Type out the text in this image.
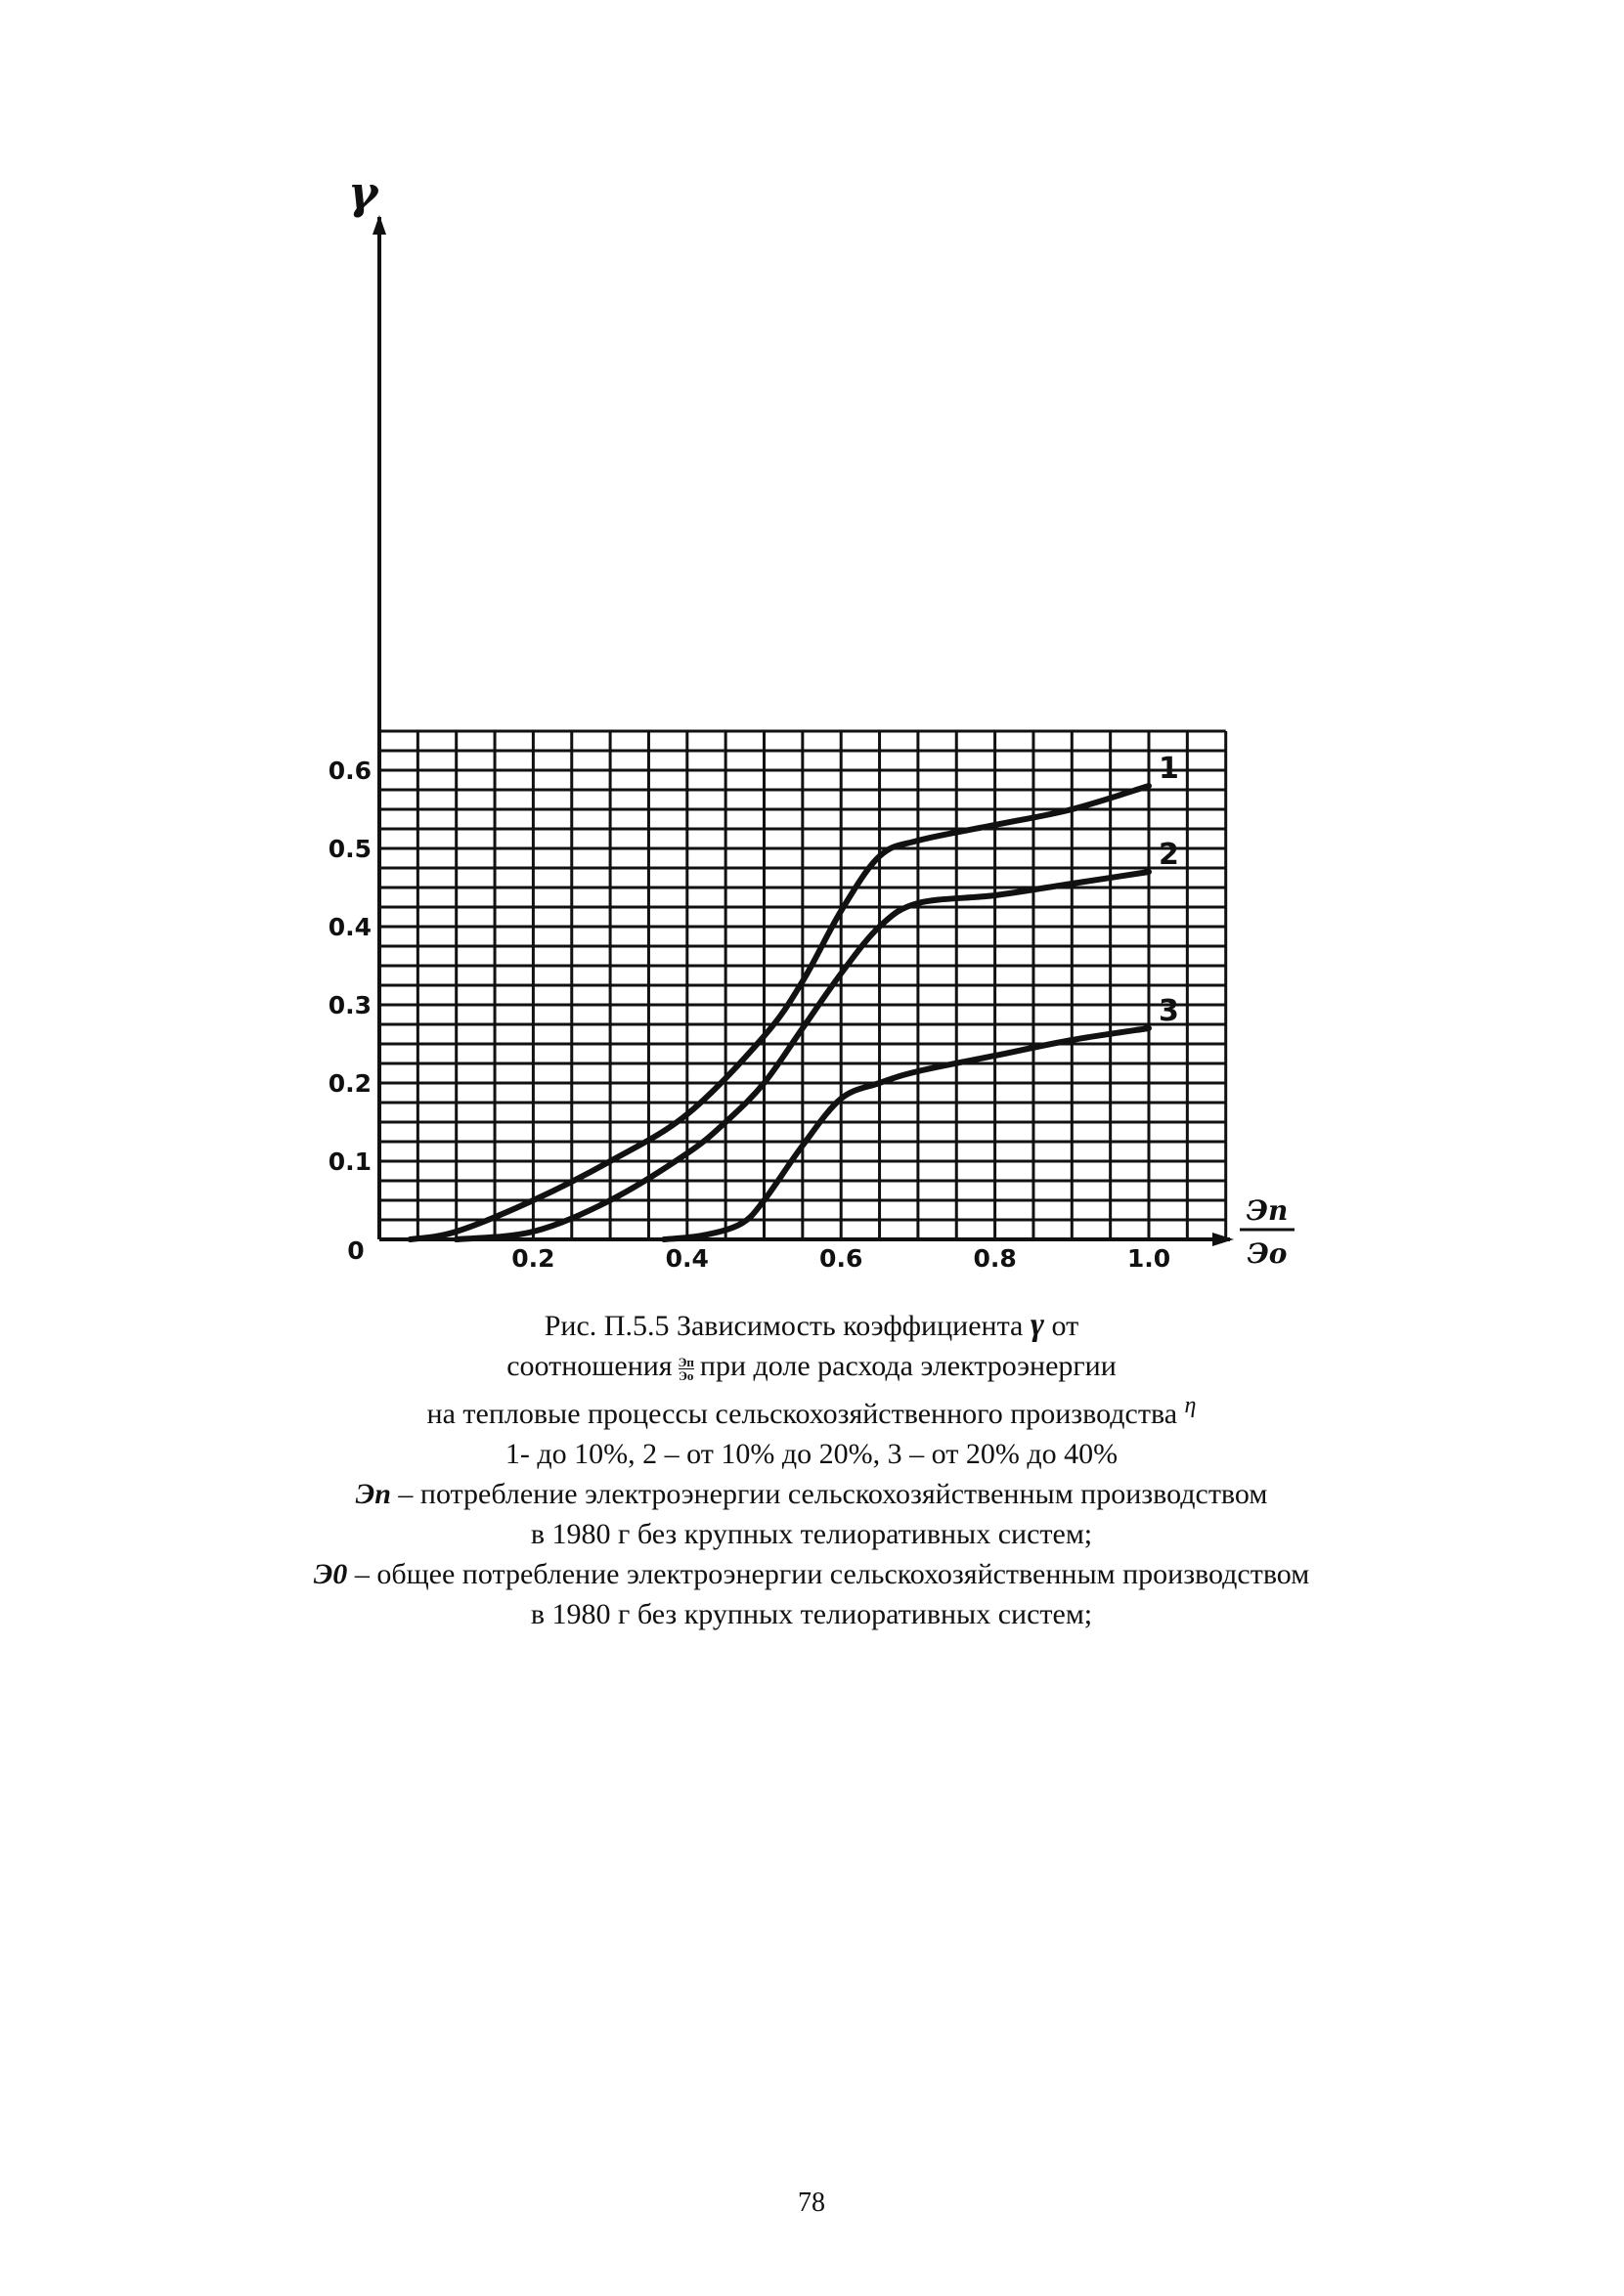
γ
Эп
Эо
0	0.2	0.4	0.6	0.8	1.0
0.1
0.2
0.3
0.4
0.5
0.6	1
2
3
Рис. П.5.5 Зависимость коэффициента γ от
соотношения $\frac{Эп}{Эо}$ при доле расхода электроэнергии
на тепловые процессы сельскохозяйственного производства $^\eta$
1- до 10%, 2 – от 10% до 20%, 3 – от 20% до 40%
Эп – потребление электроэнергии сельскохозяйственным производством
в 1980 г без крупных телиоративных систем;
Э0 – общее потребление электроэнергии сельскохозяйственным производством
в 1980 г без крупных телиоративных систем;
78
